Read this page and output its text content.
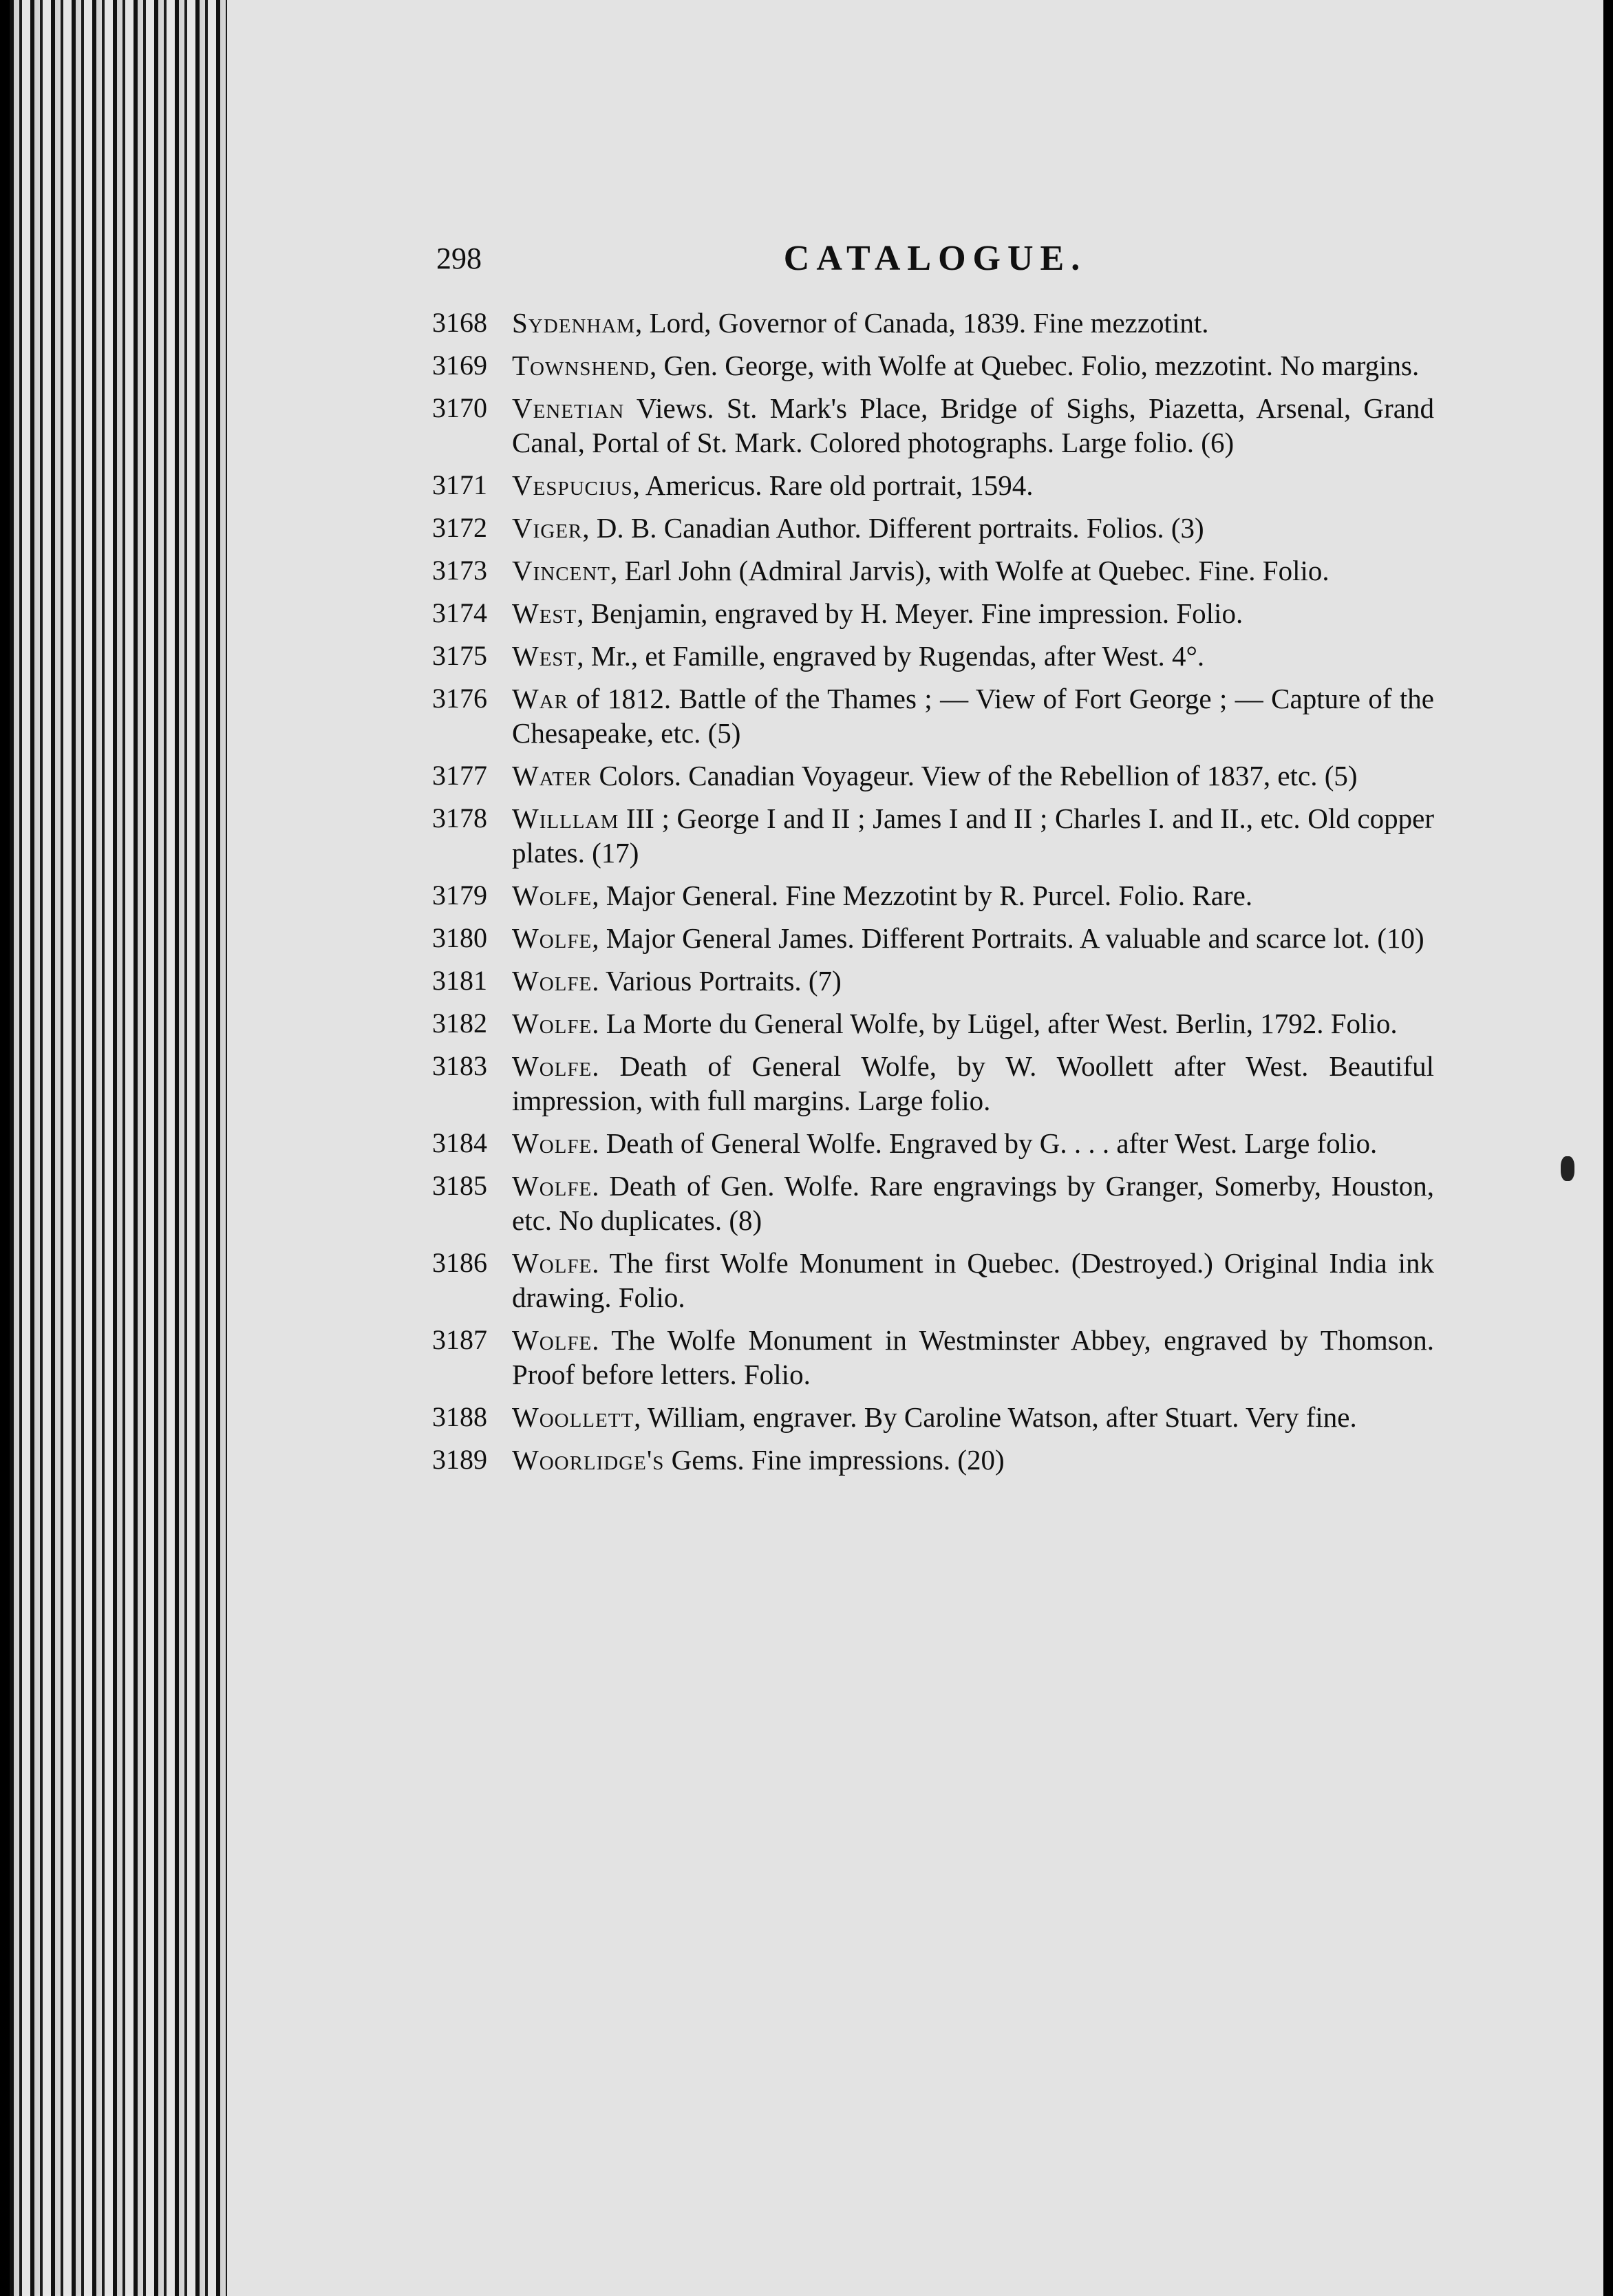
298	CATALOGUE.
3168 Sydenham, Lord, Governor of Canada, 1839. Fine mezzotint.
3169 Townshend, Gen. George, with Wolfe at Quebec. Folio, mezzotint. No margins.
3170 Venetian Views. St. Mark's Place, Bridge of Sighs, Piazetta, Arsenal, Grand Canal, Portal of St. Mark. Colored photographs. Large folio. (6)
3171 Vespucius, Americus. Rare old portrait, 1594.
3172 Viger, D. B. Canadian Author. Different portraits. Folios. (3)
3173 Vincent, Earl John (Admiral Jarvis), with Wolfe at Quebec. Fine. Folio.
3174 West, Benjamin, engraved by H. Meyer. Fine impression. Folio.
3175 West, Mr., et Famille, engraved by Rugendas, after West. 4°.
3176 War of 1812. Battle of the Thames ; — View of Fort George ; — Capture of the Chesapeake, etc. (5)
3177 Water Colors. Canadian Voyageur. View of the Rebellion of 1837, etc. (5)
3178 Willlam III ; George I and II ; James I and II ; Charles I. and II., etc. Old copper plates. (17)
3179 Wolfe, Major General. Fine Mezzotint by R. Purcel. Folio. Rare.
3180 Wolfe, Major General James. Different Portraits. A valuable and scarce lot. (10)
3181 Wolfe. Various Portraits. (7)
3182 Wolfe. La Morte du General Wolfe, by Lügel, after West. Berlin, 1792. Folio.
3183 Wolfe. Death of General Wolfe, by W. Woollett after West. Beautiful impression, with full margins. Large folio.
3184 Wolfe. Death of General Wolfe. Engraved by G. . . . after West. Large folio.
3185 Wolfe. Death of Gen. Wolfe. Rare engravings by Granger, Somerby, Houston, etc. No duplicates. (8)
3186 Wolfe. The first Wolfe Monument in Quebec. (Destroyed.) Original India ink drawing. Folio.
3187 Wolfe. The Wolfe Monument in Westminster Abbey, engraved by Thomson. Proof before letters. Folio.
3188 Woollett, William, engraver. By Caroline Watson, after Stuart. Very fine.
3189 Woorlidge's Gems. Fine impressions. (20)
